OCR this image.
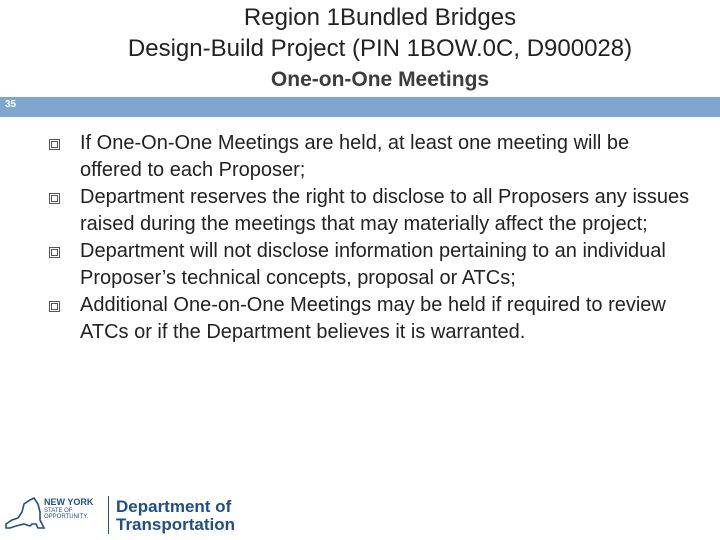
Region 1Bundled Bridges
Design-Build Project (PIN 1BOW.0C, D900028)
One-on-One Meetings
35
If One-On-One Meetings are held, at least one meeting will be offered to each Proposer;
Department reserves the right to disclose to all Proposers any issues raised during the meetings that may materially affect the project;
Department will not disclose information pertaining to an individual Proposer’s technical concepts, proposal or ATCs;
Additional One-on-One Meetings may be held if required to review ATCs or if the Department believes it is warranted.
NEW YORK
STATE OF OPPORTUNITY.
Department of
Transportation
